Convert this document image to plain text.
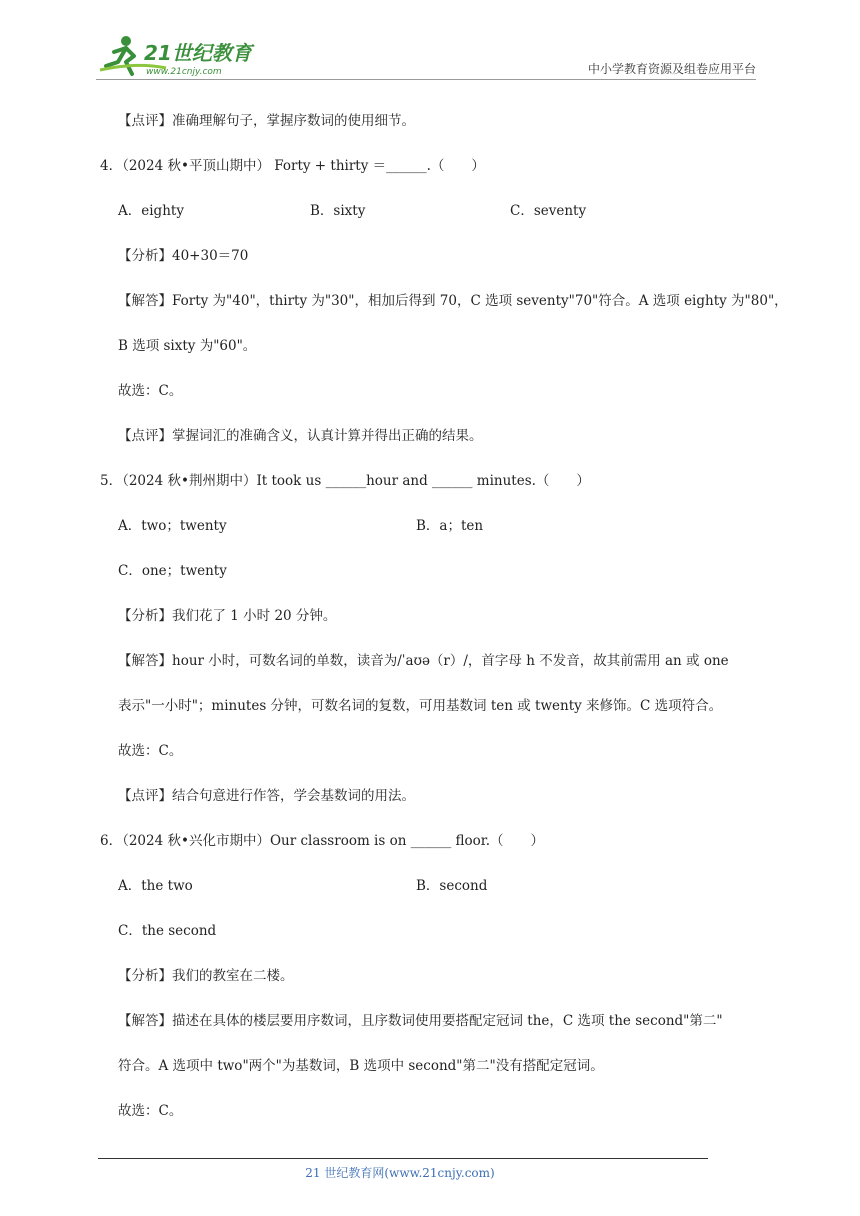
21世纪教育
www.21cnjy.com	中小学教育资源及组卷应用平台
【点评】准确理解句子，掌握序数词的使用细节。
4．（2024 秋•平顶山期中） Forty + thirty ＝______.（　　）
A．eighty	B．sixty	C．seventy
【分析】40+30＝70
【解答】Forty 为"40"，thirty 为"30"，相加后得到 70，C 选项 seventy"70"符合。A 选项 eighty 为"80"，
B 选项 sixty 为"60"。
故选：C。
【点评】掌握词汇的准确含义，认真计算并得出正确的结果。
5．（2024 秋•荆州期中）It took us ______hour and ______ minutes.（　　）
A．two；twenty	B．a；ten
C．one；twenty
【分析】我们花了 1 小时 20 分钟。
【解答】hour 小时，可数名词的单数，读音为/ˈaʊə（r）/，首字母 h 不发音，故其前需用 an 或 one
表示"一小时"；minutes 分钟，可数名词的复数，可用基数词 ten 或 twenty 来修饰。C 选项符合。
故选：C。
【点评】结合句意进行作答，学会基数词的用法。
6．（2024 秋•兴化市期中）Our classroom is on ______ floor.（　　）
A．the two	B．second
C．the second
【分析】我们的教室在二楼。
【解答】描述在具体的楼层要用序数词，且序数词使用要搭配定冠词 the，C 选项 the second"第二"
符合。A 选项中 two"两个"为基数词，B 选项中 second"第二"没有搭配定冠词。
故选：C。
21 世纪教育网(www.21cnjy.com)
